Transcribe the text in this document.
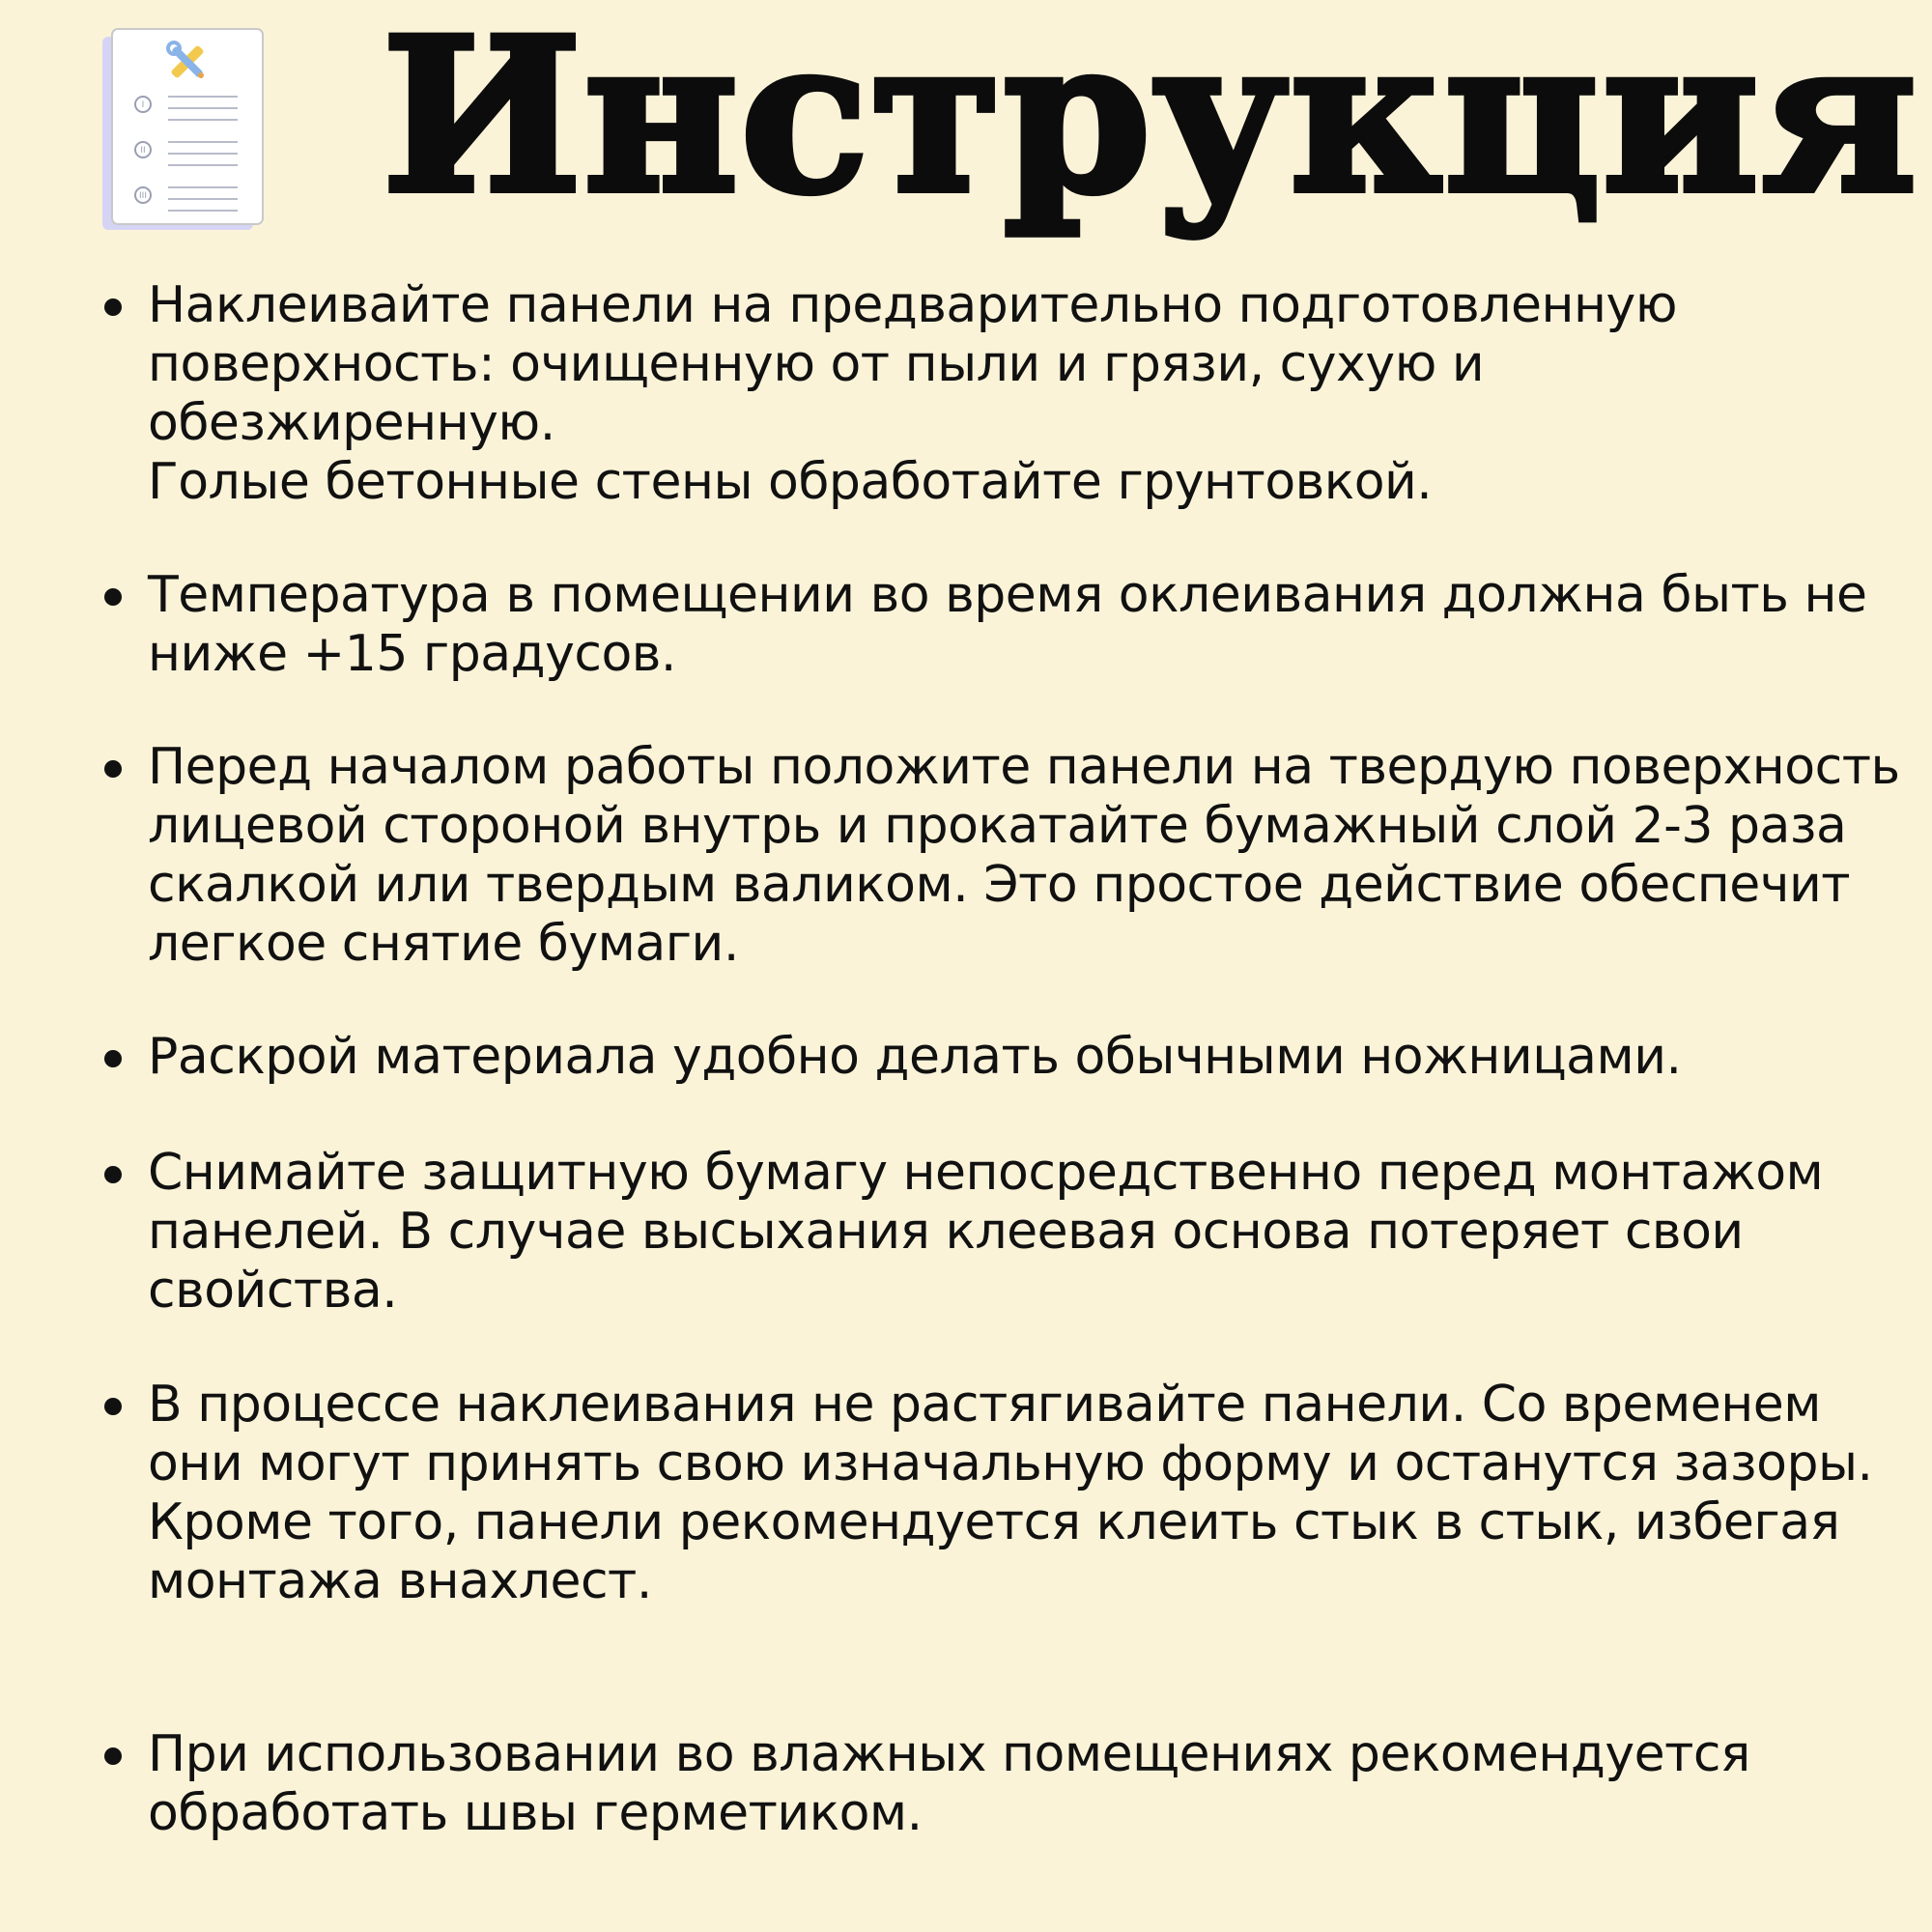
I
II
III Инструкция

Наклеивайте панели на предварительно подготовленную поверхность: очищенную от пыли и грязи, сухую и обезжиренную.
Голые бетонные стены обработайте грунтовкой.

Температура в помещении во время оклеивания должна быть не ниже +15 градусов.

Перед началом работы положите панели на твердую поверхность лицевой стороной внутрь и прокатайте бумажный слой 2-3 раза скалкой или твердым валиком. Это простое действие обеспечит легкое снятие бумаги.

Раскрой материала удобно делать обычными ножницами.

Снимайте защитную бумагу непосредственно перед монтажом панелей. В случае высыхания клеевая основа потеряет свои свойства.

В процессе наклеивания не растягивайте панели. Со временем они могут принять свою изначальную форму и останутся зазоры.
Кроме того, панели рекомендуется клеить стык в стык, избегая монтажа внахлест.

При использовании во влажных помещениях рекомендуется обработать швы герметиком.
